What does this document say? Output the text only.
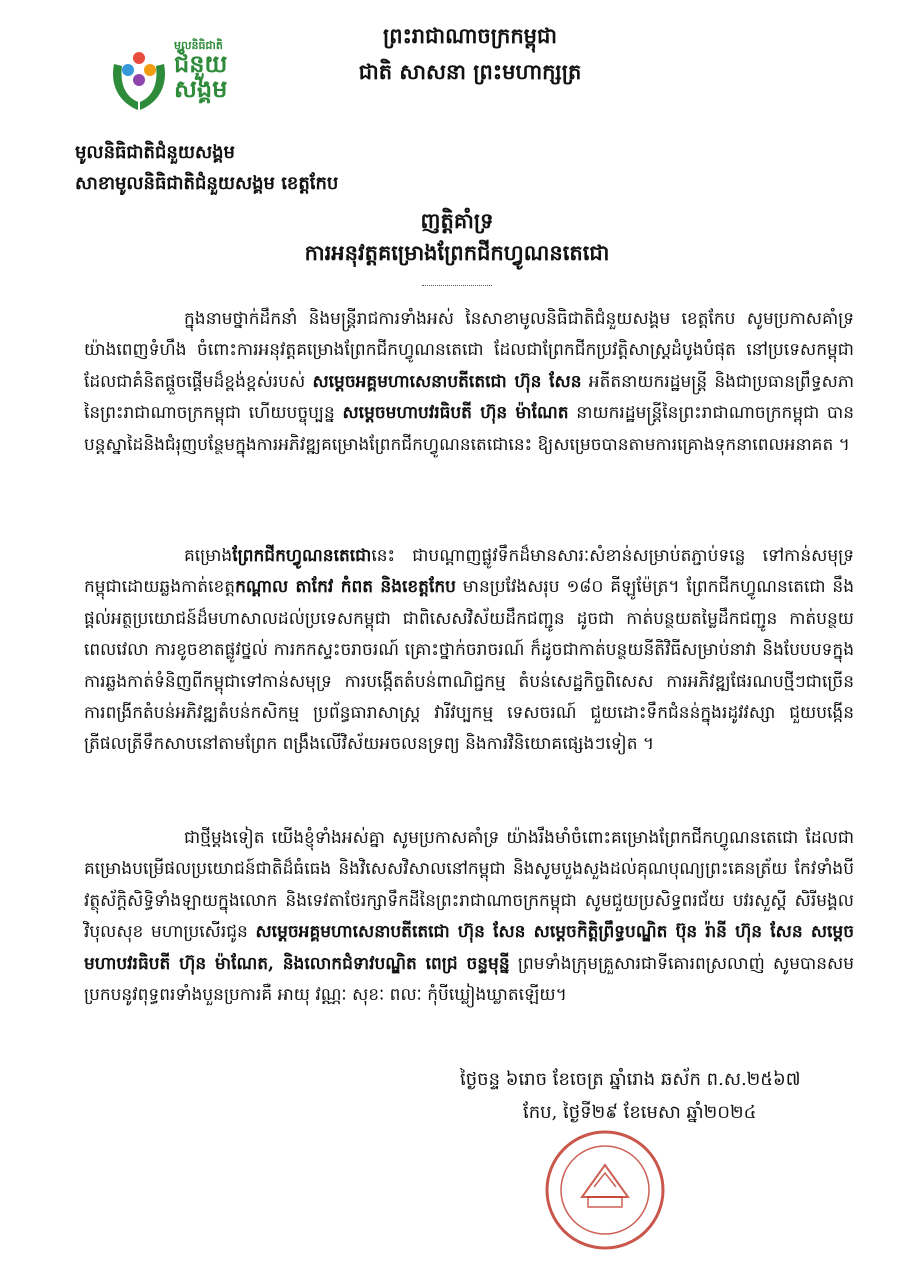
មូលនិធិជាតិ
ជំនួយ
សង្គម
ព្រះរាជាណាចក្រកម្ពុជា
ជាតិ សាសនា ព្រះមហាក្សត្រ
មូលនិធិជាតិជំនួយសង្គម
សាខាមូលនិធិជាតិជំនួយសង្គម ខេត្តកែប
ញត្តិគាំទ្រ
ការអនុវត្តគម្រោងព្រែកជីកហ្វូណនតេជោ
ក្នុងនាមថ្នាក់ដឹកនាំ និងមន្ត្រីរាជការទាំងអស់ នៃសាខាមូលនិធិជាតិជំនួយសង្គម ខេត្តកែប សូមប្រកាសគាំទ្រយ៉ាងពេញទំហឹង ចំពោះការអនុវត្តគម្រោងព្រែកជីកហ្វូណនតេជោ ដែលជាព្រែកជីកប្រវត្តិសាស្ត្រដំបូងបំផុត នៅប្រទេសកម្ពុជា ដែលជាគំនិតផ្តួចផ្តើមដ៏ខ្ពង់ខ្ពស់របស់ សម្តេចអគ្គមហាសេនាបតីតេជោ ហ៊ុន សែន អតីតនាយករដ្ឋមន្ត្រី និងជាប្រធានព្រឹទ្ធសភា នៃព្រះរាជាណាចក្រកម្ពុជា ហើយបច្ចុប្បន្ន សម្តេចមហាបវរធិបតី ហ៊ុន ម៉ាណែត នាយករដ្ឋមន្ត្រីនៃព្រះរាជាណាចក្រកម្ពុជា បានបន្តស្នាដៃនិងជំរុញបន្ថែមក្នុងការអភិវឌ្ឍគម្រោងព្រែកជីកហ្វូណនតេជោនេះ ឱ្យសម្រេចបានតាមការគ្រោងទុកនាពេលអនាគត ។
គម្រោងព្រែកជីកហ្វូណនតេជោនេះ ជាបណ្តាញផ្លូវទឹកដ៏មានសារៈសំខាន់សម្រាប់តភ្ជាប់ទន្លេ ទៅកាន់សមុទ្រកម្ពុជាដោយឆ្លងកាត់ខេត្តកណ្តាល តាកែវ កំពត និងខេត្តកែប មានប្រវែងសរុប ១៨០ គីឡូម៉ែត្រ។ ព្រែកជីកហ្វូណនតេជោ នឹងផ្តល់អត្ថប្រយោជន៍ដ៏មហាសាលដល់ប្រទេសកម្ពុជា ជាពិសេសវិស័យដឹកជញ្ជូន ដូចជា កាត់បន្ថយតម្លៃដឹកជញ្ជូន កាត់បន្ថយពេលវេលា ការខូចខាតផ្លូវថ្នល់ ការកកស្ទះចរាចរណ៍ គ្រោះថ្នាក់ចរាចរណ៍ ក៏ដូចជាកាត់បន្ថយនីតិវិធីសម្រាប់នាវា និងបែបបទក្នុងការឆ្លងកាត់ទំនិញពីកម្ពុជាទៅកាន់សមុទ្រ ការបង្កើតតំបន់ពាណិជ្ជកម្ម តំបន់សេដ្ឋកិច្ចពិសេស ការអភិវឌ្ឍផែរណបថ្មីៗជាច្រើន ការពង្រីកតំបន់អភិវឌ្ឍតំបន់កសិកម្ម ប្រព័ន្ធធារាសាស្ត្រ វារីវប្បកម្ម ទេសចរណ៍ ជួយដោះទឹកជំនន់ក្នុងរដូវវស្សា ជួយបង្កើនត្រីផលត្រីទឹកសាបនៅតាមព្រែក ពង្រឹងលើវិស័យអចលនទ្រព្យ និងការវិនិយោគផ្សេងៗទៀត ។
ជាថ្មីម្តងទៀត យើងខ្ញុំទាំងអស់គ្នា សូមប្រកាសគាំទ្រ យ៉ាងរឹងមាំចំពោះគម្រោងព្រែកជីកហ្វូណនតេជោ ដែលជាគម្រោងបម្រើផលប្រយោជន៍ជាតិដ៏ធំធេង និងវិសេសវិសាលនៅកម្ពុជា និងសូមបួងសួងដល់គុណបុណ្យព្រះគេនត្រ័យ កែវទាំងបី វត្ថុស័ក្តិសិទ្ធិទាំងឡាយក្នុងលោក និងទេវតាថែរក្សាទឹកដីនៃព្រះរាជាណាចក្រកម្ពុជា សូមជួយប្រសិទ្ធពរជ័យ បវរសួស្តី សិរីមង្គល វិបុលសុខ មហាប្រសើរជូន សម្តេចអគ្គមហាសេនាបតីតេជោ ហ៊ុន សែន សម្តេចកិត្តិព្រឹទ្ធបណ្ឌិត ប៊ុន រ៉ានី ហ៊ុន សែន សម្តេចមហាបវរធិបតី ហ៊ុន ម៉ាណែត, និងលោកជំទាវបណ្ឌិត ពេជ្រ ចន្ទមុន្នី ព្រមទាំងក្រុមគ្រួសារជាទីគោរពស្រលាញ់ សូមបានសមប្រកបនូវពុទ្ធពរទាំងបួនប្រការគឺ អាយុ វណ្ណៈ សុខៈ ពលៈ កុំបីឃ្លៀងឃ្លាតឡើយ។
ថ្ងៃចន្ទ ៦រោច ខែចេត្រ ឆ្នាំរោង ឆស័ក ព.ស.២៥៦៧
កែប, ថ្ងៃទី២៩ ខែមេសា ឆ្នាំ២០២៤
